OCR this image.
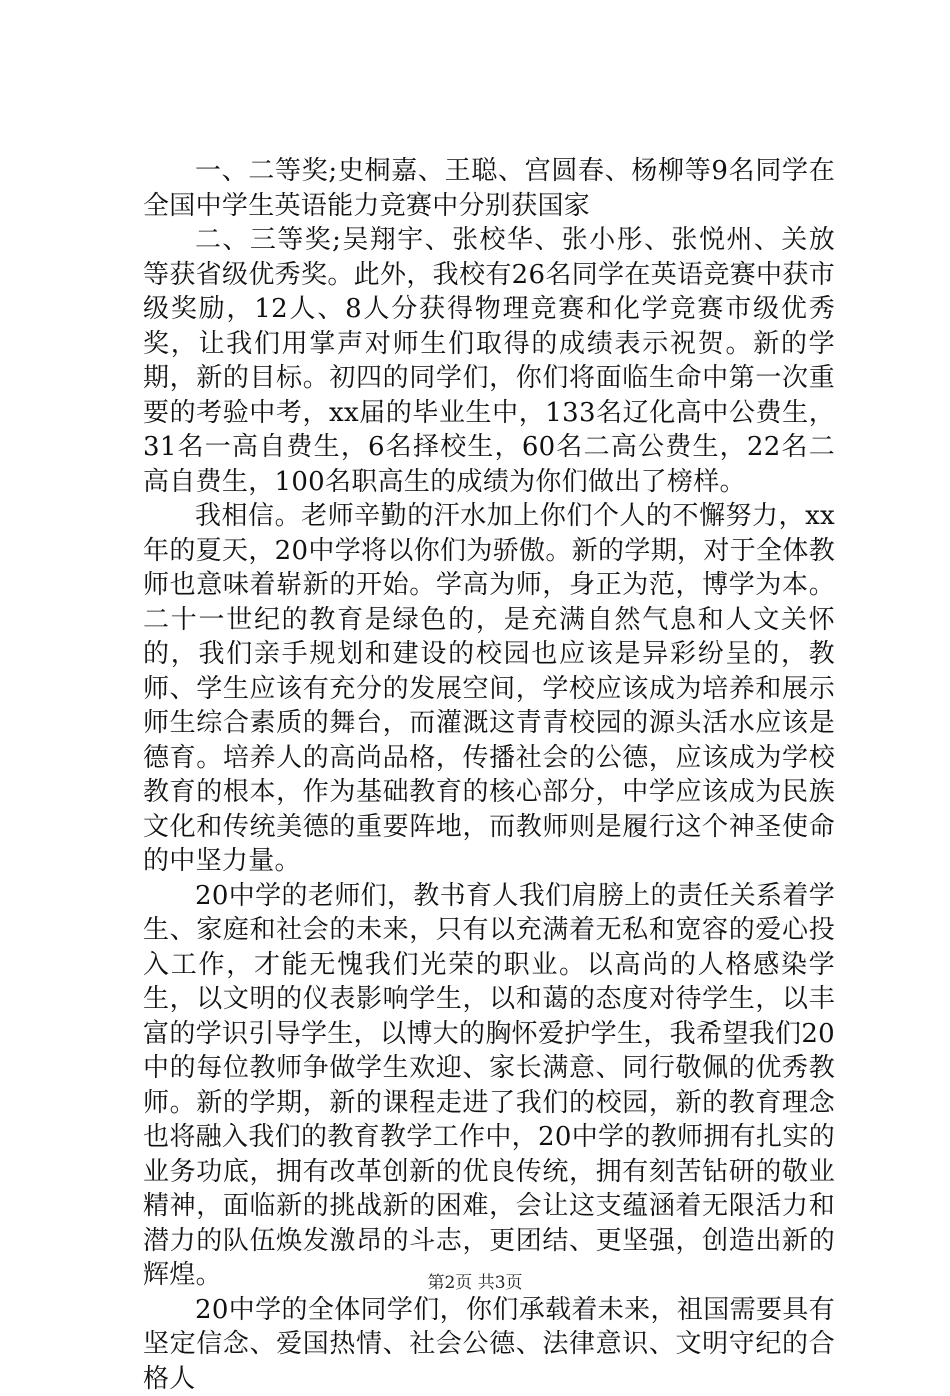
一、二等奖;史桐嘉、王聪、宫圆春、杨柳等9名同学在全国中学生英语能力竞赛中分别获国家

二、三等奖;吴翔宇、张校华、张小彤、张悦州、关放等获省级优秀奖。此外，我校有26名同学在英语竞赛中获市级奖励，12人、8人分获得物理竞赛和化学竞赛市级优秀奖，让我们用掌声对师生们取得的成绩表示祝贺。新的学期，新的目标。初四的同学们，你们将面临生命中第一次重要的考验中考，xx届的毕业生中，133名辽化高中公费生，31名一高自费生，6名择校生，60名二高公费生，22名二高自费生，100名职高生的成绩为你们做出了榜样。

我相信。老师辛勤的汗水加上你们个人的不懈努力，xx年的夏天，20中学将以你们为骄傲。新的学期，对于全体教师也意味着崭新的开始。学高为师，身正为范，博学为本。二十一世纪的教育是绿色的，是充满自然气息和人文关怀的，我们亲手规划和建设的校园也应该是异彩纷呈的，教师、学生应该有充分的发展空间，学校应该成为培养和展示师生综合素质的舞台，而灌溉这青青校园的源头活水应该是德育。培养人的高尚品格，传播社会的公德，应该成为学校教育的根本，作为基础教育的核心部分，中学应该成为民族文化和传统美德的重要阵地，而教师则是履行这个神圣使命的中坚力量。

20中学的老师们，教书育人我们肩膀上的责任关系着学生、家庭和社会的未来，只有以充满着无私和宽容的爱心投入工作，才能无愧我们光荣的职业。以高尚的人格感染学生，以文明的仪表影响学生，以和蔼的态度对待学生，以丰富的学识引导学生，以博大的胸怀爱护学生，我希望我们20中的每位教师争做学生欢迎、家长满意、同行敬佩的优秀教师。新的学期，新的课程走进了我们的校园，新的教育理念也将融入我们的教育教学工作中，20中学的教师拥有扎实的业务功底，拥有改革创新的优良传统，拥有刻苦钻研的敬业精神，面临新的挑战新的困难，会让这支蕴涵着无限活力和潜力的队伍焕发激昂的斗志，更团结、更坚强，创造出新的辉煌。

20中学的全体同学们，你们承载着未来，祖国需要具有坚定信念、爱国热情、社会公德、法律意识、文明守纪的合格人

第2页 共3页
